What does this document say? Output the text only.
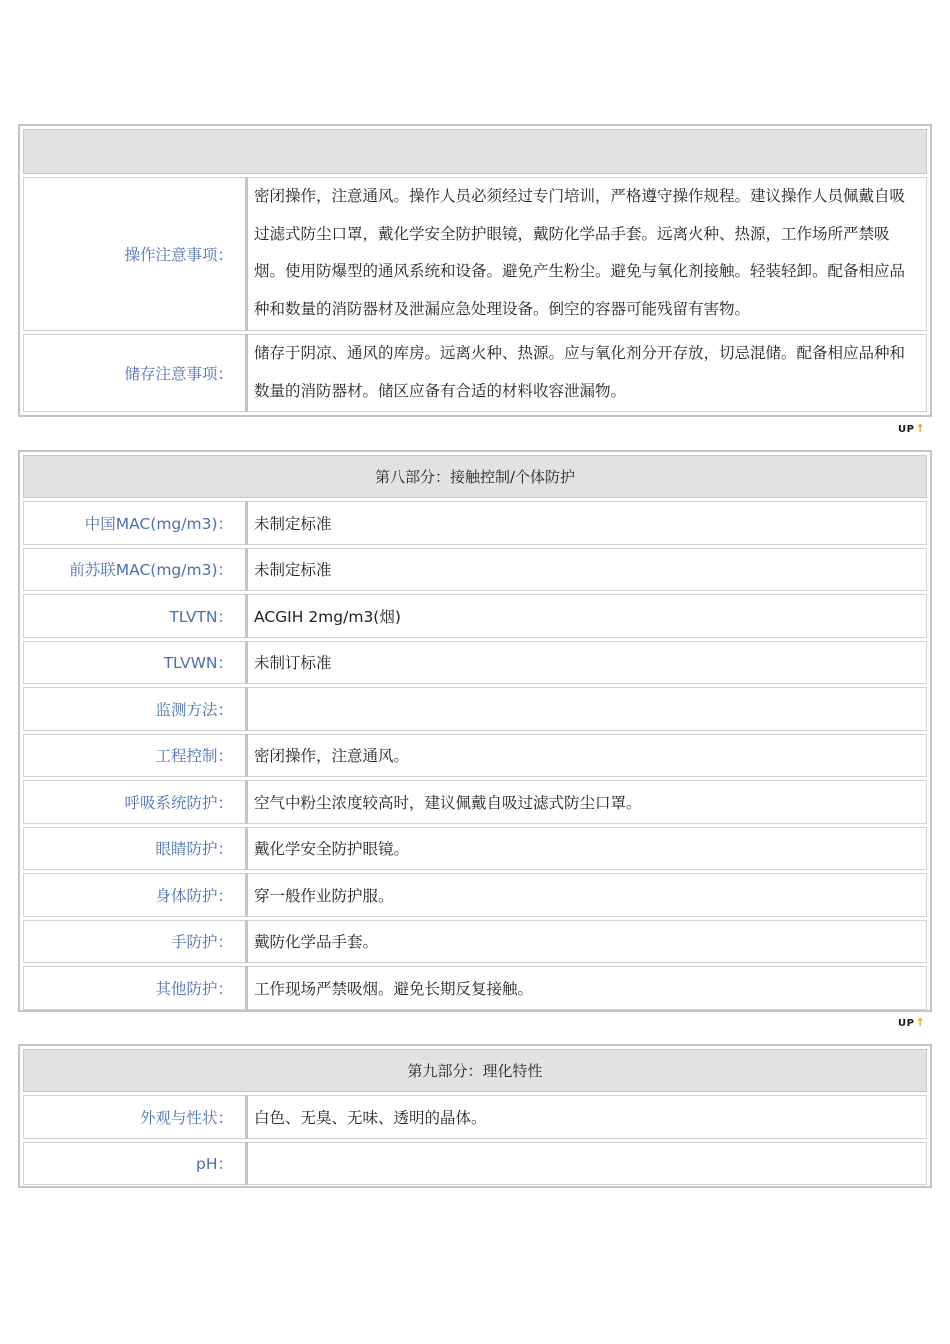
操作注意事项：
密闭操作，注意通风。操作人员必须经过专门培训，严格遵守操作规程。建议操作人员佩戴自吸过滤式防尘口罩，戴化学安全防护眼镜，戴防化学品手套。远离火种、热源，工作场所严禁吸烟。使用防爆型的通风系统和设备。避免产生粉尘。避免与氧化剂接触。轻装轻卸。配备相应品种和数量的消防器材及泄漏应急处理设备。倒空的容器可能残留有害物。
储存注意事项：
储存于阴凉、通风的库房。远离火种、热源。应与氧化剂分开存放，切忌混储。配备相应品种和数量的消防器材。储区应备有合适的材料收容泄漏物。
UP ↑
第八部分：接触控制/个体防护
中国MAC(mg/m3)：	未制定标准
前苏联MAC(mg/m3)：	未制定标准
TLVTN：	ACGIH 2mg/m3(烟)
TLVWN：	未制订标准
监测方法：
工程控制：	密闭操作，注意通风。
呼吸系统防护：	空气中粉尘浓度较高时，建议佩戴自吸过滤式防尘口罩。
眼睛防护：	戴化学安全防护眼镜。
身体防护：	穿一般作业防护服。
手防护：	戴防化学品手套。
其他防护：	工作现场严禁吸烟。避免长期反复接触。
UP ↑
第九部分：理化特性
外观与性状：	白色、无臭、无味、透明的晶体。
pH：
